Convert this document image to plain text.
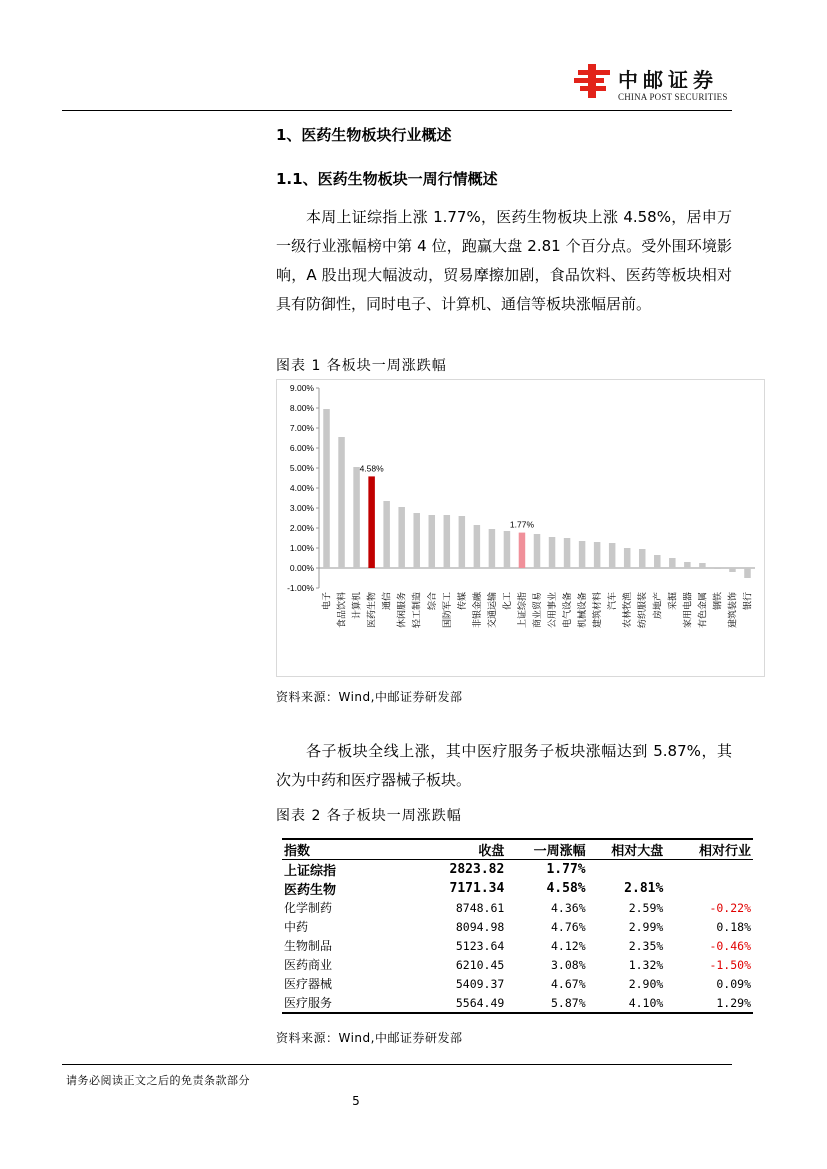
中邮证券
CHINA POST SECURITIES
1、医药生物板块行业概述
1.1、医药生物板块一周行情概述

本周上证综指上涨 1.77%，医药生物板块上涨 4.58%，居申万一级行业涨幅榜中第 4 位，跑赢大盘 2.81 个百分点。受外围环境影响，A 股出现大幅波动，贸易摩擦加剧，食品饮料、医药等板块相对具有防御性，同时电子、计算机、通信等板块涨幅居前。

图表 1 各板块一周涨跌幅
9.00%
8.00%
7.00%
6.00%
5.00%
4.00%
3.00%
2.00%
1.00%
0.00%
-1.00%
电子 食品饮料 计算机 医药生物
4.58%
通信 休闲服务 轻工制造 综合 国防军工 传媒 非银金融 交通运输 化工 上证综指
1.77%
商业贸易 公用事业 电气设备 机械设备 建筑材料 汽车 农林牧渔 纺织服装 房地产 采掘 家用电器 有色金属 钢铁 建筑装饰 银行
资料来源：Wind,中邮证券研发部

各子板块全线上涨，其中医疗服务子板块涨幅达到 5.87%，其次为中药和医疗器械子板块。

图表 2 各子板块一周涨跌幅
指数	收盘	一周涨幅	相对大盘	相对行业
上证综指	2823.82	1.77%		
医药生物	7171.34	4.58%	2.81%	
化学制药	8748.61	4.36%	2.59%	-0.22%
中药	8094.98	4.76%	2.99%	0.18%
生物制品	5123.64	4.12%	2.35%	-0.46%
医药商业	6210.45	3.08%	1.32%	-1.50%
医疗器械	5409.37	4.67%	2.90%	0.09%
医疗服务	5564.49	5.87%	4.10%	1.29%
资料来源：Wind,中邮证券研发部
请务必阅读正文之后的免责条款部分
5
